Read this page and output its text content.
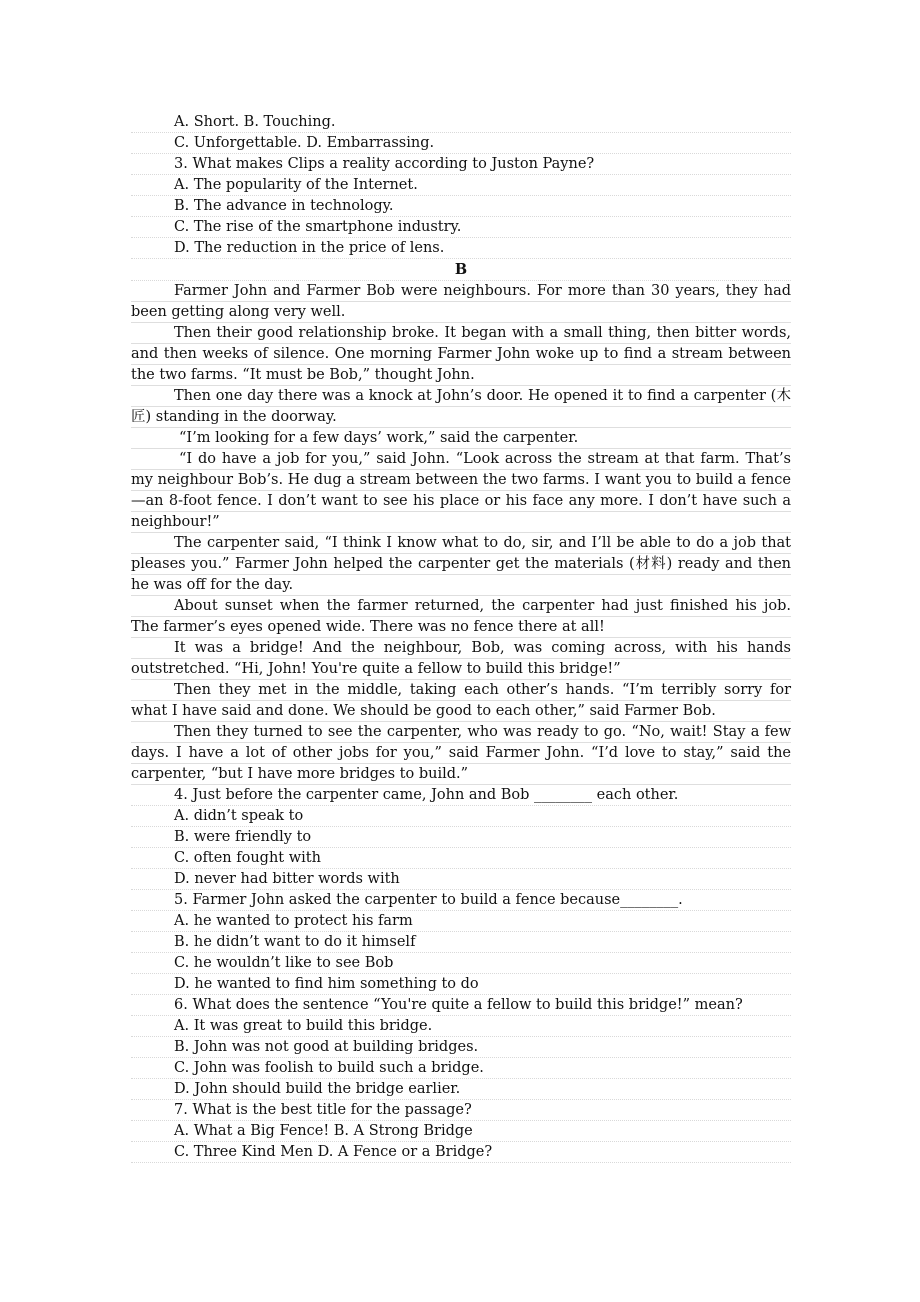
A. Short. B. Touching.
C. Unforgettable. D. Embarrassing.
3. What makes Clips a reality according to Juston Payne?
A. The popularity of the Internet.
B. The advance in technology.
C. The rise of the smartphone industry.
D. The reduction in the price of lens.
B

Farmer John and Farmer Bob were neighbours. For more than 30 years, they had been getting along very well.

Then their good relationship broke. It began with a small thing, then bitter words, and then weeks of silence. One morning Farmer John woke up to find a stream between the two farms. “It must be Bob,” thought John.

Then one day there was a knock at John’s door. He opened it to find a carpenter (木匠) standing in the doorway.

“I’m looking for a few days’ work,” said the carpenter.

“I do have a job for you,” said John. “Look across the stream at that farm. That’s my neighbour Bob’s. He dug a stream between the two farms. I want you to build a fence—an 8-foot fence. I don’t want to see his place or his face any more. I don’t have such a neighbour!”

The carpenter said, “I think I know what to do, sir, and I’ll be able to do a job that pleases you.” Farmer John helped the carpenter get the materials (材料) ready and then he was off for the day.

About sunset when the farmer returned, the carpenter had just finished his job. The farmer’s eyes opened wide. There was no fence there at all!

It was a bridge! And the neighbour, Bob, was coming across, with his hands outstretched. “Hi, John! You're quite a fellow to build this bridge!”

Then they met in the middle, taking each other’s hands. “I’m terribly sorry for what I have said and done. We should be good to each other,” said Farmer Bob.

Then they turned to see the carpenter, who was ready to go. “No, wait! Stay a few days. I have a lot of other jobs for you,” said Farmer John. “I’d love to stay,” said the carpenter, “but I have more bridges to build.”

4. Just before the carpenter came, John and Bob ________ each other.
A. didn’t speak to
B. were friendly to
C. often fought with
D. never had bitter words with
5. Farmer John asked the carpenter to build a fence because________.
A. he wanted to protect his farm
B. he didn’t want to do it himself
C. he wouldn’t like to see Bob
D. he wanted to find him something to do
6. What does the sentence “You're quite a fellow to build this bridge!” mean?
A. It was great to build this bridge.
B. John was not good at building bridges.
C. John was foolish to build such a bridge.
D. John should build the bridge earlier.
7. What is the best title for the passage?
A. What a Big Fence! B. A Strong Bridge
C. Three Kind Men D. A Fence or a Bridge?
